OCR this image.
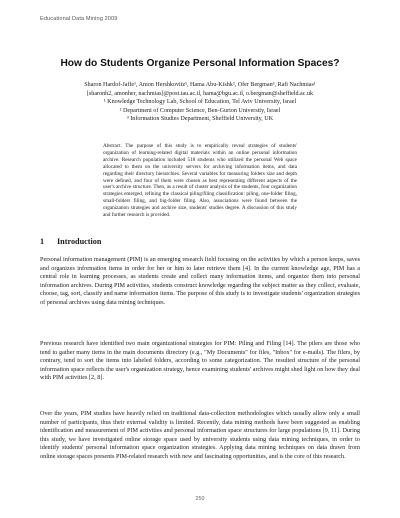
Educational Data Mining 2009
How do Students Organize Personal Information Spaces?
Sharon Hardof-Jaffe¹, Amon Hershkovitz¹, Hama Abu-Kishk², Ofer Bergman³, Rafi Nachmias¹
[sharonh2, amonher, nachmias]@post.tau.ac.il, hama@bgu.ac.il, o.bergman@sheffield.ac.uk
¹ Knowledge Technology Lab, School of Education, Tel Aviv University, Israel
² Department of Computer Science, Ben-Gurion University, Israel
³ Information Studies Department, Sheffield University, UK
Abstract. The purpose of this study is to empirically reveal strategies of students' organization of learning-related digital materials within an online personal information archive. Research population included 518 students who utilized the personal Web space allocated to them on the university servers for archiving information items, and data regarding their directory hierarchies. Several variables for measuring folders size and depth were defined, and four of them were chosen as best representing different aspects of the user's archive structure. Then, as a result of cluster analysis of the students, four organization strategies emerged, refining the classical piling/filing classification: piling, one-folder filing, small-folders filing, and big-folder filing. Also, associations were found between the organization strategies and archive size, students' studies degree. A discussion of this study and further research is provided.
1 Introduction
Personal information management (PIM) is an emerging research field focusing on the activities by which a person keeps, saves and organizes information items in order for her or him to later retrieve them [4]. In the current knowledge age, PIM has a central role in learning processes, as students create and collect many information items, and organize them into personal information archives. During PIM activities, students construct knowledge regarding the subject matter as they collect, evaluate, choose, tag, sort, classify and name information items. The purpose of this study is to investigate students' organization strategies of personal archives using data mining techniques.
Previous research have identified two main organizational strategies for PIM: Piling and Filing [14]. The pilers are those who tend to gather many items in the main documents directory (e.g., "My Documents" for files, "Inbox" for e-mails). The filers, by contrary, tend to sort the items into labeled folders, according to some categorization. The resulted structure of the personal information space reflects the user's organization strategy, hence examining students' archives might shed light on how they deal with PIM activities [2, 8].
Over the years, PIM studies have heavily relied on traditional data-collection methodologies which usually allow only a small number of participants, thus their external validity is limited. Recently, data mining methods have been suggested as enabling identification and measurement of PIM activities and personal information space structures for large populations [9, 11]. During this study, we have investigated online storage space used by university students using data mining techniques, in order to identify students' personal information space organization strategies. Applying data mining techniques on data drawn from online storage spaces presents PIM-related research with new and fascinating opportunities, and is the core of this research.
250
